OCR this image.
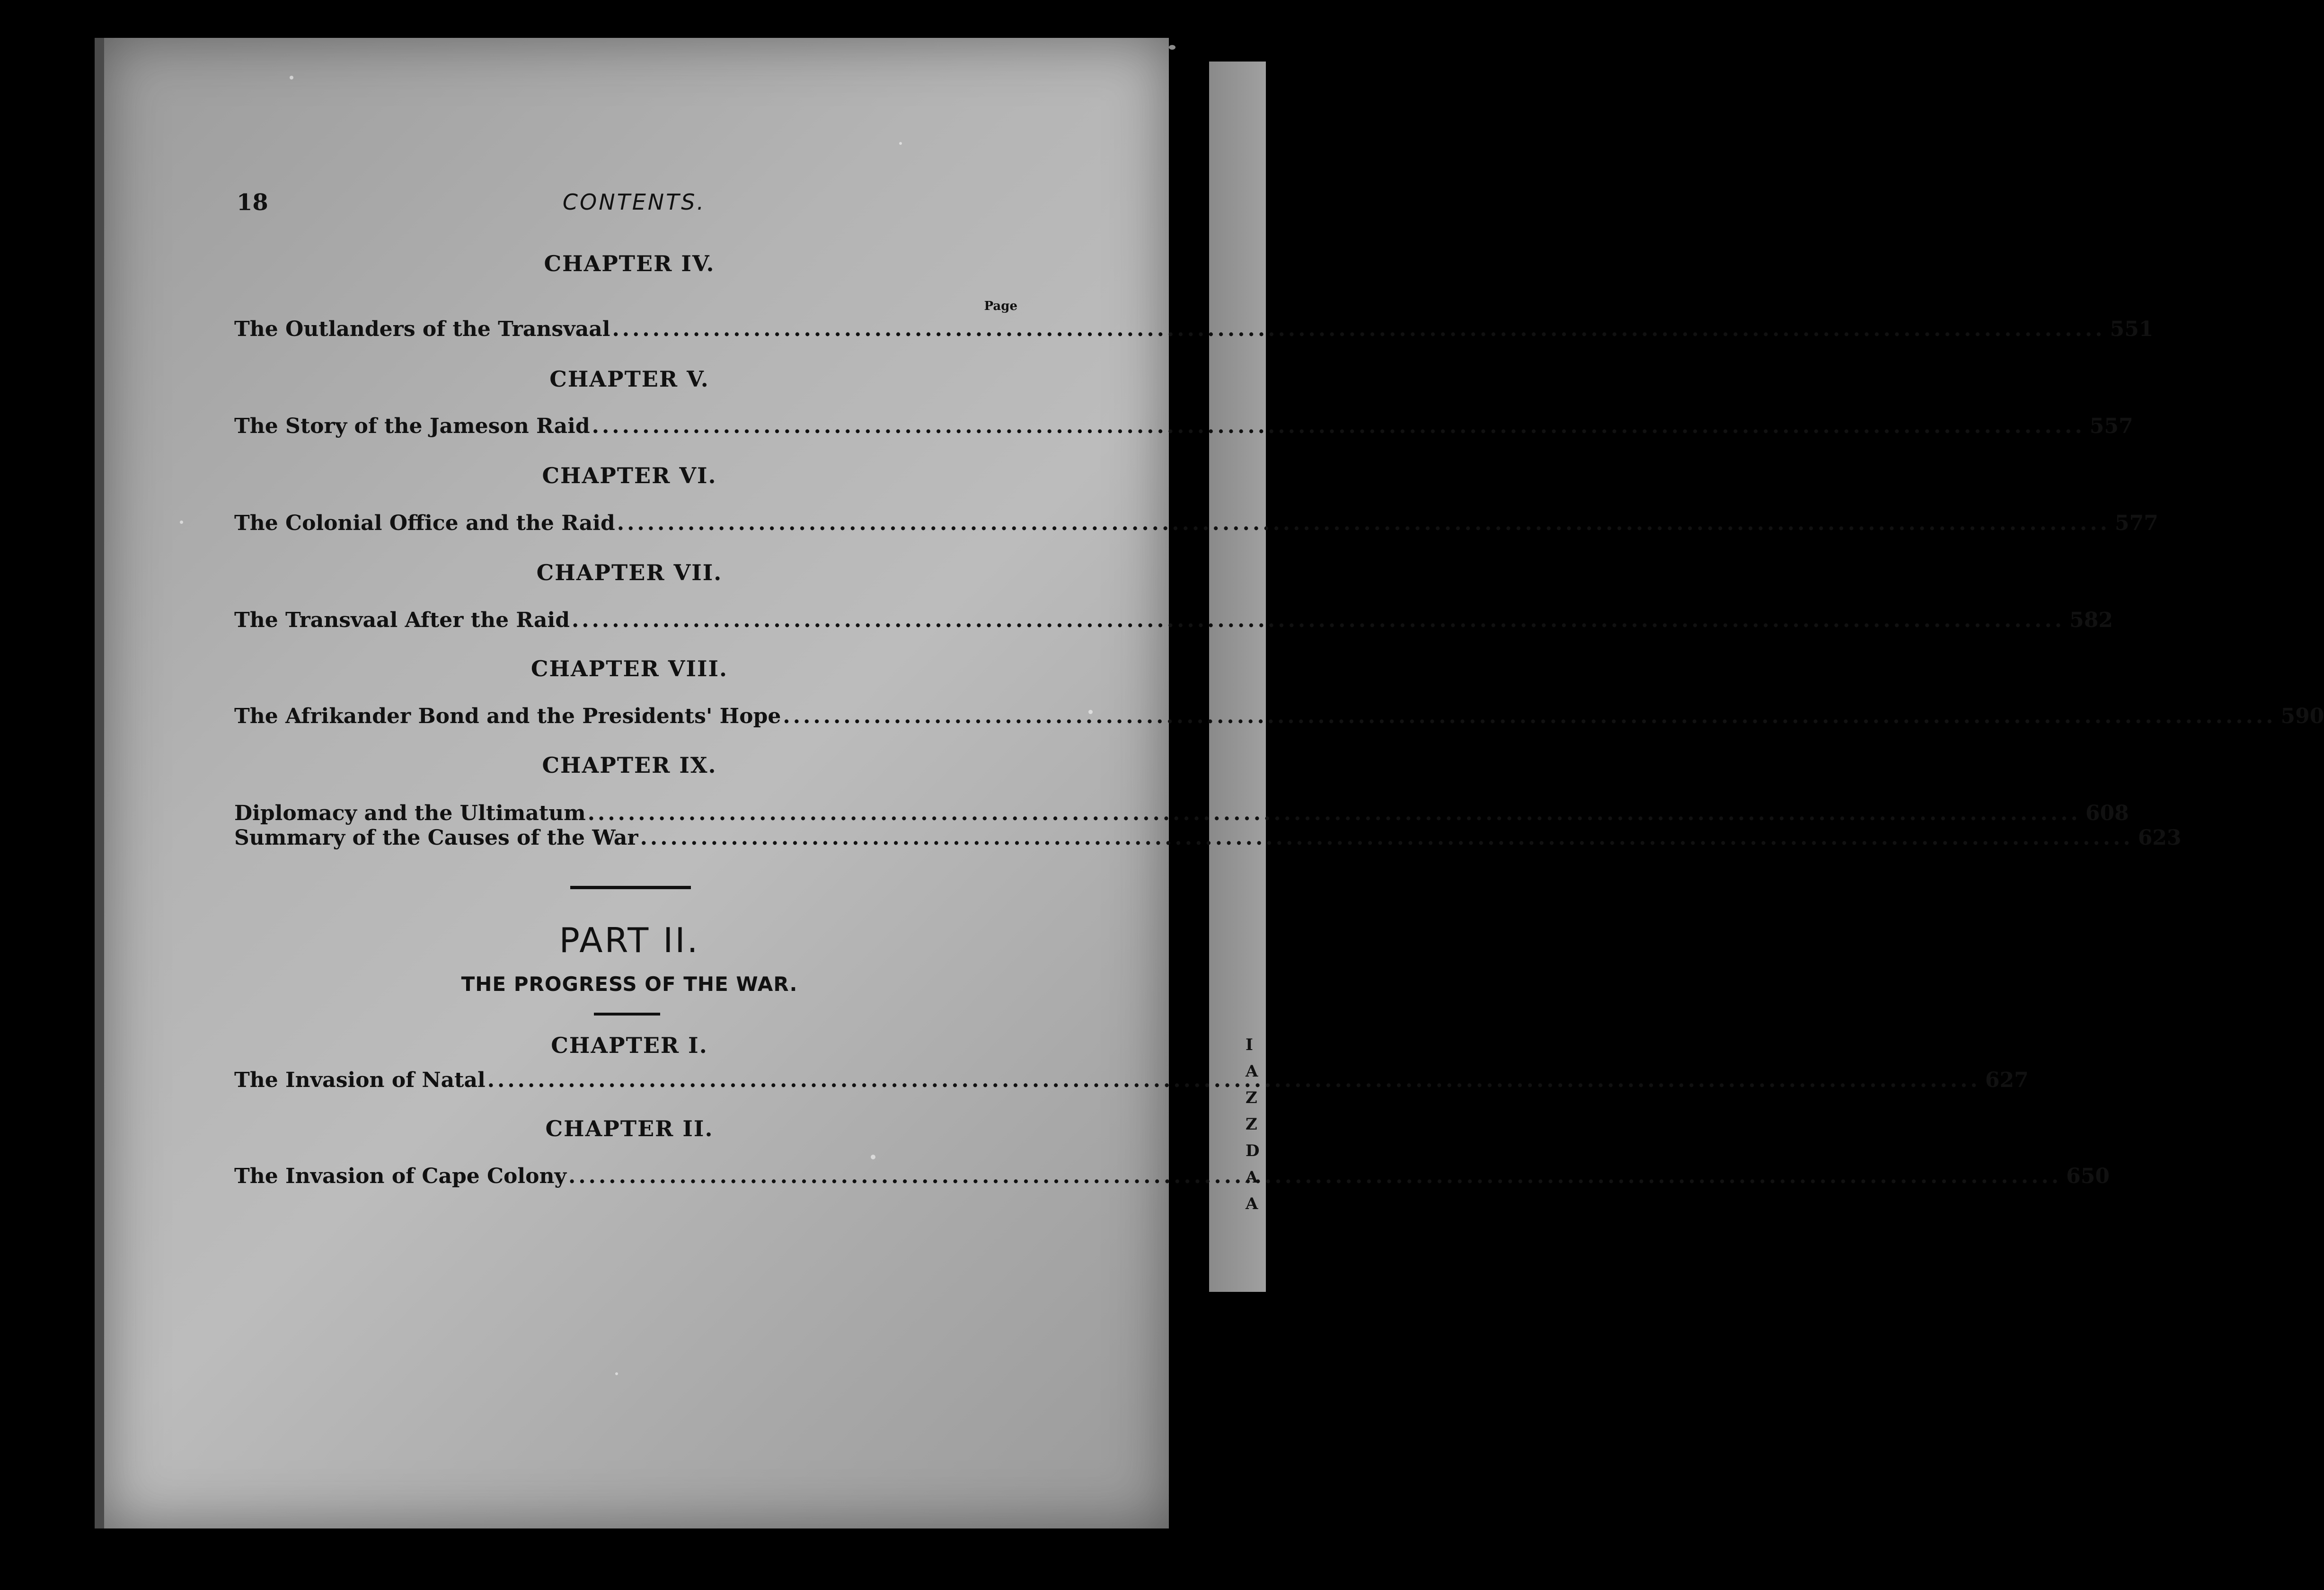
I
A
Z
Z
D
A
A
18	CONTENTS.
CHAPTER IV.
Page
The Outlanders of the Transvaal .....	551
CHAPTER V.
The Story of the Jameson Raid .....	557
CHAPTER VI.
The Colonial Office and the Raid .....	577
CHAPTER VII.
The Transvaal After the Raid .....	582
CHAPTER VIII.
The Afrikander Bond and the Presidents' Hope .....	590
CHAPTER IX.
Diplomacy and the Ultimatum .....	608
Summary of the Causes of the War .....	623
PART II.
THE PROGRESS OF THE WAR.
CHAPTER I.
The Invasion of Natal .....	627
CHAPTER II.
The Invasion of Cape Colony .....	650
